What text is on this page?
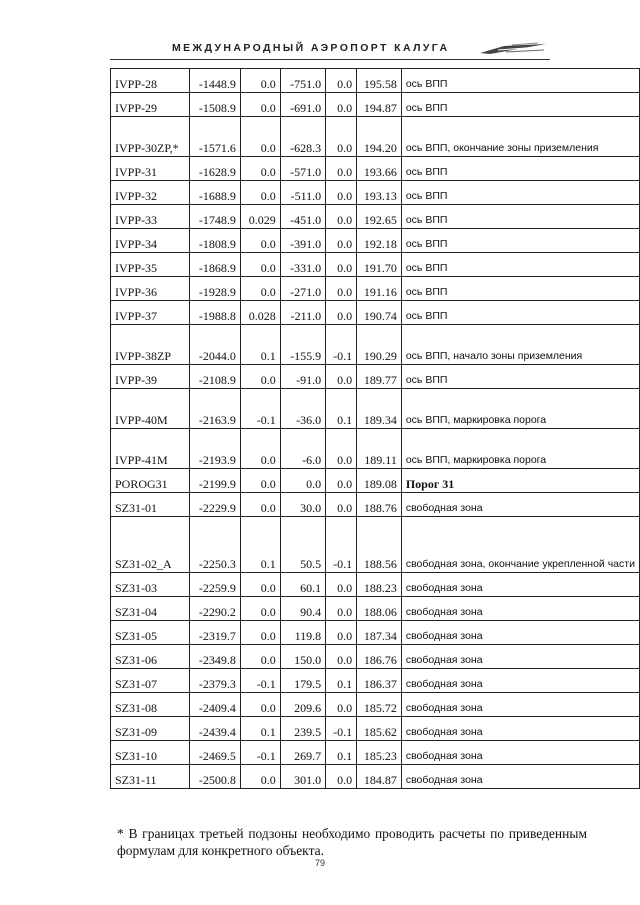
МЕЖДУНАРОДНЫЙ АЭРОПОРТ КАЛУГА
IVPP-28	-1448.9	0.0	-751.0	0.0	195.58	ось ВПП
IVPP-29	-1508.9	0.0	-691.0	0.0	194.87	ось ВПП
IVPP-30ZP,*	-1571.6	0.0	-628.3	0.0	194.20	ось ВПП, окончание зоны приземления
IVPP-31	-1628.9	0.0	-571.0	0.0	193.66	ось ВПП
IVPP-32	-1688.9	0.0	-511.0	0.0	193.13	ось ВПП
IVPP-33	-1748.9	0.029	-451.0	0.0	192.65	ось ВПП
IVPP-34	-1808.9	0.0	-391.0	0.0	192.18	ось ВПП
IVPP-35	-1868.9	0.0	-331.0	0.0	191.70	ось ВПП
IVPP-36	-1928.9	0.0	-271.0	0.0	191.16	ось ВПП
IVPP-37	-1988.8	0.028	-211.0	0.0	190.74	ось ВПП
IVPP-38ZP	-2044.0	0.1	-155.9	-0.1	190.29	ось ВПП, начало зоны приземления
IVPP-39	-2108.9	0.0	-91.0	0.0	189.77	ось ВПП
IVPP-40M	-2163.9	-0.1	-36.0	0.1	189.34	ось ВПП, маркировка порога
IVPP-41M	-2193.9	0.0	-6.0	0.0	189.11	ось ВПП, маркировка порога
POROG31	-2199.9	0.0	0.0	0.0	189.08	Порог 31
SZ31-01	-2229.9	0.0	30.0	0.0	188.76	свободная зона
SZ31-02_A	-2250.3	0.1	50.5	-0.1	188.56	свободная зона, окончание укрепленной части
SZ31-03	-2259.9	0.0	60.1	0.0	188.23	свободная зона
SZ31-04	-2290.2	0.0	90.4	0.0	188.06	свободная зона
SZ31-05	-2319.7	0.0	119.8	0.0	187.34	свободная зона
SZ31-06	-2349.8	0.0	150.0	0.0	186.76	свободная зона
SZ31-07	-2379.3	-0.1	179.5	0.1	186.37	свободная зона
SZ31-08	-2409.4	0.0	209.6	0.0	185.72	свободная зона
SZ31-09	-2439.4	0.1	239.5	-0.1	185.62	свободная зона
SZ31-10	-2469.5	-0.1	269.7	0.1	185.23	свободная зона
SZ31-11	-2500.8	0.0	301.0	0.0	184.87	свободная зона
* В границах третьей подзоны необходимо проводить расчеты по приведенным формулам для конкретного объекта.
79
